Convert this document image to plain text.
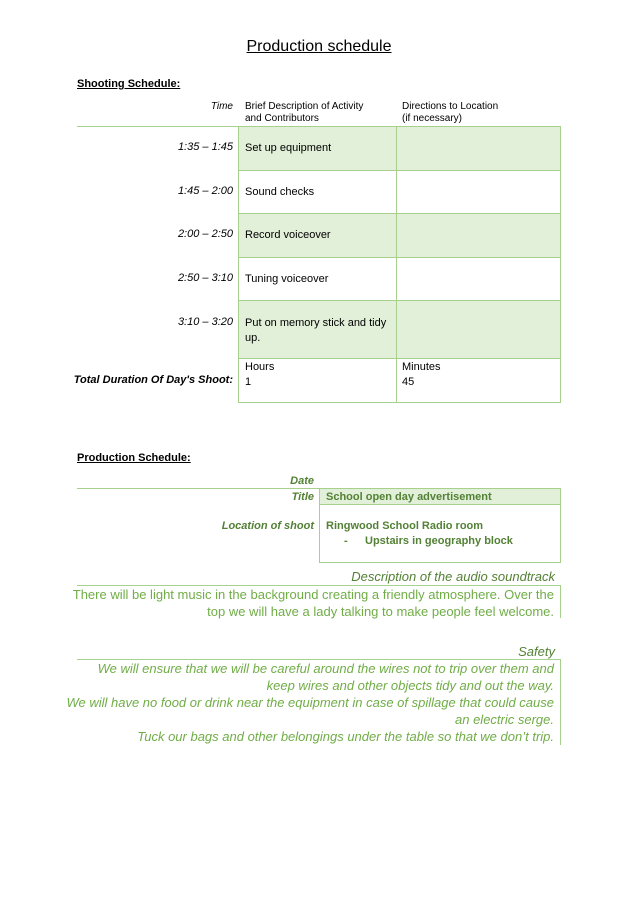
Production schedule
Shooting Schedule:
Time Brief Description of Activity
and Contributors
Directions to Location
(if necessary)
1:35 – 1:45 Set up equipment
1:45 – 2:00 Sound checks
2:00 – 2:50 Record voiceover
2:50 – 3:10 Tuning voiceover
3:10 – 3:20 Put on memory stick and tidy
up.
Total Duration Of Day's Shoot:
Hours
1
Minutes
45
Production Schedule:
Date
Title School open day advertisement
Location of shoot Ringwood School Radio room
- Upstairs in geography block
Description of the audio soundtrack
There will be light music in the background creating a friendly atmosphere. Over the
top we will have a lady talking to make people feel welcome.
Safety
We will ensure that we will be careful around the wires not to trip over them and
keep wires and other objects tidy and out the way.
We will have no food or drink near the equipment in case of spillage that could cause
an electric serge.
Tuck our bags and other belongings under the table so that we don’t trip.
